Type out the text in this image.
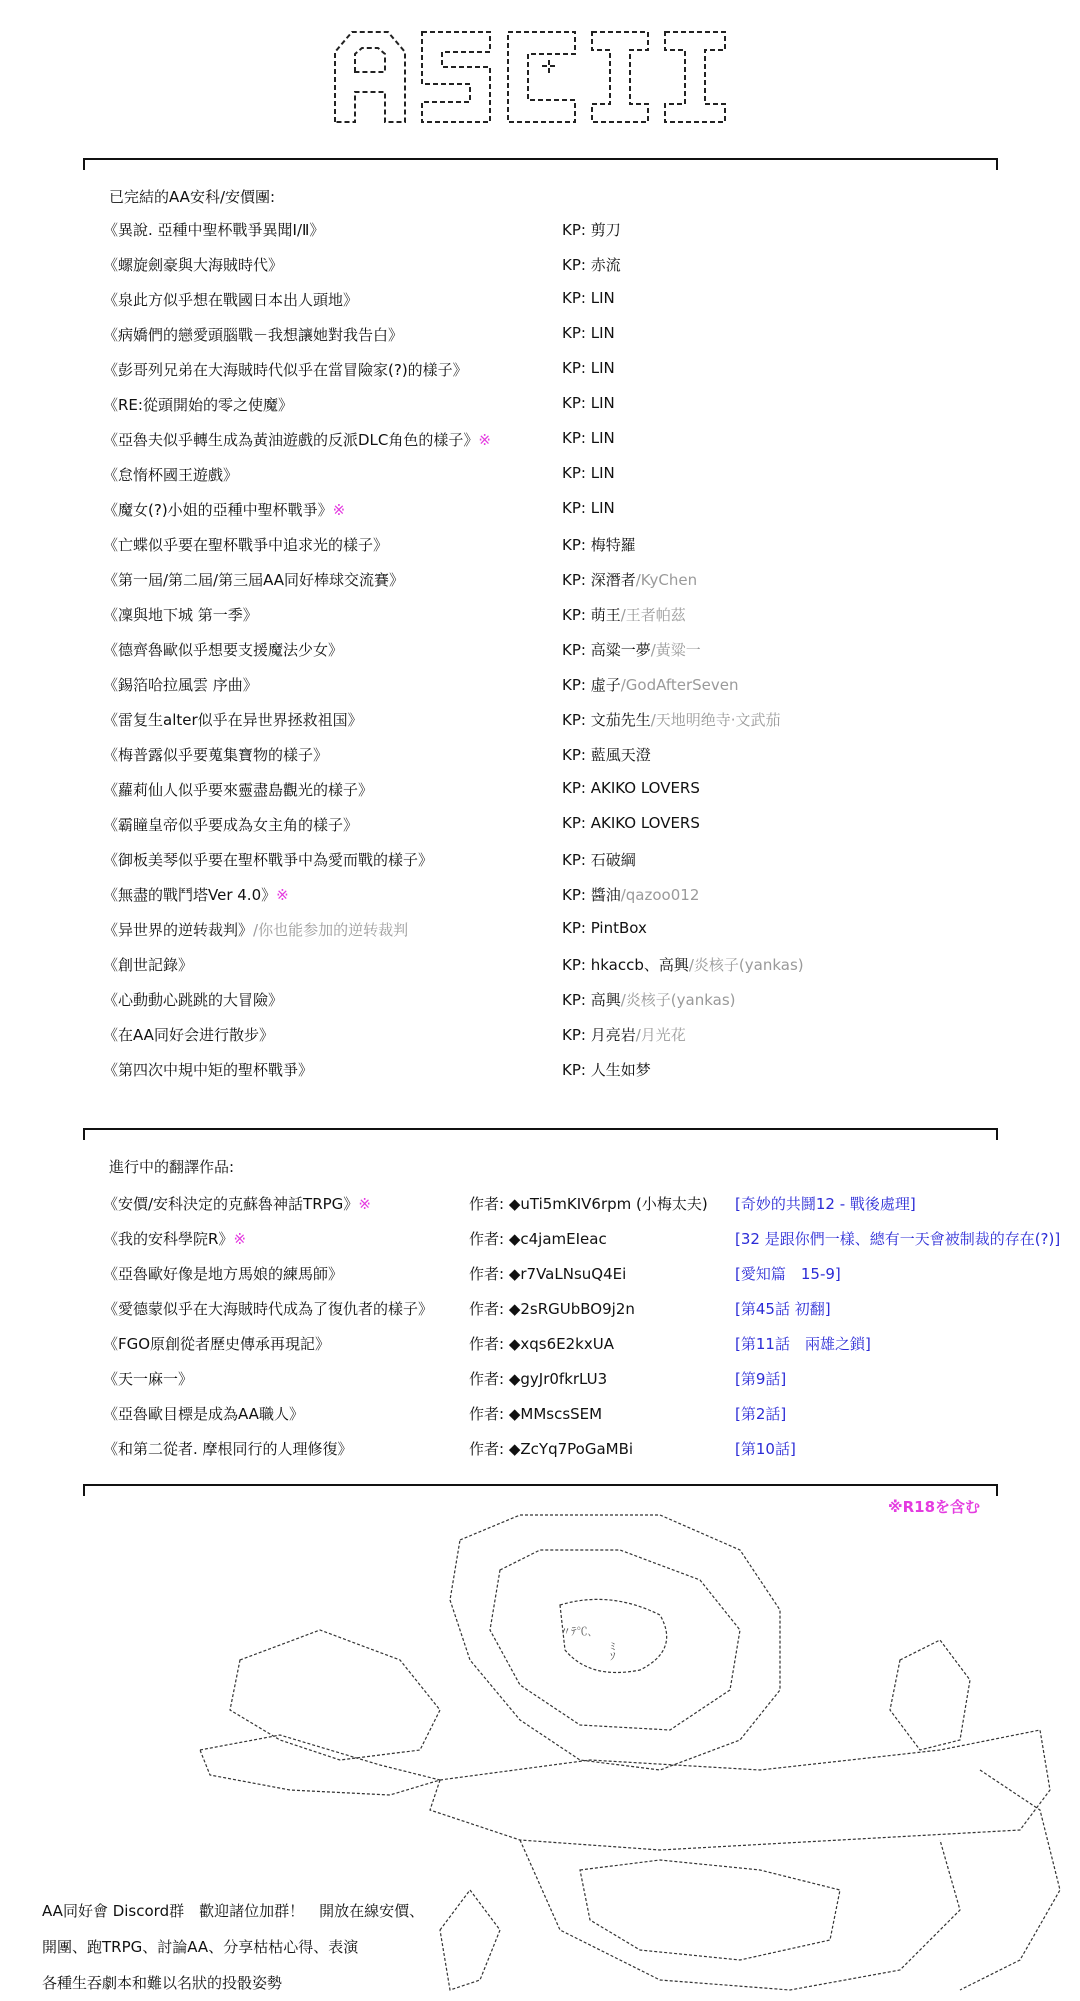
已完結的AA安科/安價團:
《異說. 亞種中聖杯戰爭異聞Ⅰ/Ⅱ》	KP: 剪刀
《螺旋劍豪與大海賊時代》	KP: 赤流
《泉此方似乎想在戰國日本出人頭地》	KP: LIN
《病嬌們的戀愛頭腦戰－我想讓她對我告白》	KP: LIN
《彭哥列兄弟在大海賊時代似乎在當冒險家(?)的樣子》	KP: LIN
《RE:從頭開始的零之使魔》	KP: LIN
《亞魯夫似乎轉生成為黃油遊戲的反派DLC角色的樣子》※	KP: LIN
《怠惰杯國王遊戲》	KP: LIN
《魔女(?)小姐的亞種中聖杯戰爭》※	KP: LIN
《亡蝶似乎要在聖杯戰爭中追求光的樣子》	KP: 梅特羅
《第一屆/第二屆/第三屆AA同好棒球交流賽》	KP: 深潛者/KyChen
《凜與地下城 第一季》	KP: 萌王/王者帕茲
《德齊魯歐似乎想要支援魔法少女》	KP: 高粱一夢/黃粱一
《錫箔哈拉風雲 序曲》	KP: 虛子/GodAfterSeven
《雷复生alter似乎在异世界拯救祖国》	KP: 文茄先生/天地明绝寺·文武茄
《梅普露似乎要蒐集寶物的樣子》	KP: 藍風天澄
《蘿莉仙人似乎要來靈盡島觀光的樣子》	KP: AKIKO LOVERS
《霸瞳皇帝似乎要成為女主角的樣子》	KP: AKIKO LOVERS
《御板美琴似乎要在聖杯戰爭中為愛而戰的樣子》	KP: 石破綱
《無盡的戰鬥塔Ver 4.0》※	KP: 醬油/qazoo012
《异世界的逆转裁判》/你也能参加的逆转裁判	KP: PintBox
《創世記錄》	KP: hkaccb、高興/炎核子(yankas)
《心動動心跳跳的大冒險》	KP: 高興/炎核子(yankas)
《在AA同好会进行散步》	KP: 月亮岩/月光花
《第四次中規中矩的聖杯戰爭》	KP: 人生如梦
進行中的翻譯作品:
《安價/安科決定的克蘇魯神話TRPG》※	作者: ◆uTi5mKIV6rpm (小梅太夫) [奇妙的共鬪12 - 戰後處理]
《我的安科學院R》※	作者: ◆c4jamEIeac	[32 是跟你們一樣、總有一天會被制裁的存在(?)]
《亞魯歐好像是地方馬娘的練馬師》	作者: ◆r7VaLNsuQ4Ei	[愛知篇　15-9]
《愛德蒙似乎在大海賊時代成為了復仇者的樣子》 作者: ◆2sRGUbBO9j2n	[第45話 初翻]
《FGO原創從者歷史傳承再現記》	作者: ◆xqs6E2kxUA	[第11話　兩雄之鎖]
《天一麻一》	作者: ◆gyJr0fkrLU3	[第9話]
《亞魯歐目標是成為AA職人》	作者: ◆MMscsSEM	[第2話]
《和第二從者. 摩根同行的人理修復》	作者: ◆ZcYq7PoGaMBi	[第10話]
※R18を含む
〃ﾃ℃､
ﾐ
ｿ
AA同好會 Discord群　歡迎諸位加群！　開放在線安價、
開團、跑TRPG、討論AA、分享枯枯心得、表演
各種生吞劇本和難以名狀的投骰姿勢
